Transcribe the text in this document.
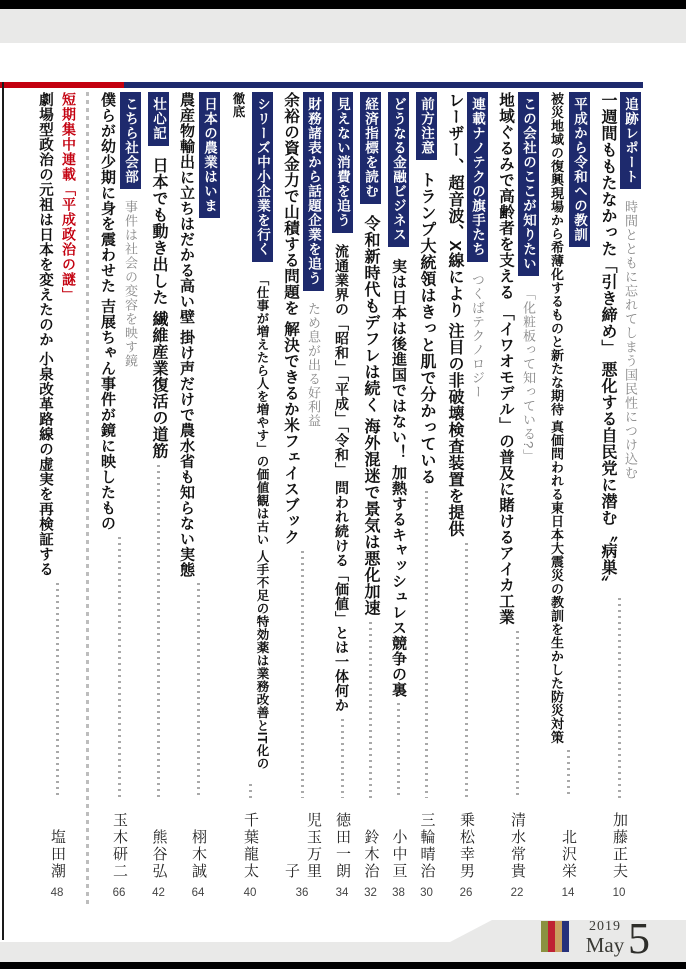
2019
May 5
追跡レポート 時間とともに忘れてしまう国民性につけ込む
一週間ももたなかった「引き締め」 悪化する自民党に潜む〝病巣〟
加藤正夫
10
平成から令和への教訓
被災地域の復興現場から希薄化するものと新たな期待 真価問われる東日本大震災の教訓を生かした防災対策
北沢栄
14
この会社のここが知りたい 「化粧板って知っている?」
地域ぐるみで高齢者を支える 「イワオモデル」の普及に賭けるアイカ工業
清水常貴
22
連載ナノテクの旗手たち つくばテクノロジー
レーザー、超音波、X線により 注目の非破壊検査装置を提供
乗松幸男
26
前方注意 トランプ大統領はきっと肌で分かっている
三輪晴治
30
どうなる金融ビジネス 実は日本は後進国ではない！ 加熱するキャッシュレス競争の裏
小中亘
38
経済指標を読む 令和新時代もデフレは続く 海外混迷で景気は悪化加速
鈴木治
32
見えない消費を追う 流通業界の「昭和」「平成」「令和」 問われ続ける「価値」とは一体何か
徳田一朗
34
財務諸表から話題企業を追う ため息が出る好利益
余裕の資金力で山積する問題を 解決できるか米フェイスブック
児玉万里子
36
シリーズ中小企業を行く 「仕事が増えたら人を増やす」の価値観は古い 人手不足の特効薬は業務改善とIT化の徹底
千葉龍太
40
日本の農業はいま
農産物輸出に立ちはだかる高い壁 掛け声だけで農水省も知らない実態
栩木誠
64
壮心記 日本でも動き出した 繊維産業復活の道筋
熊谷弘
42
こちら社会部 事件は社会の変容を映す鏡
僕らが幼少期に身を震わせた 吉展ちゃん事件が鏡に映したもの
玉木研二
66
短期集中連載「平成政治の謎」
劇場型政治の元祖は日本を変えたのか 小泉改革路線の虚実を再検証する
塩田潮
48
